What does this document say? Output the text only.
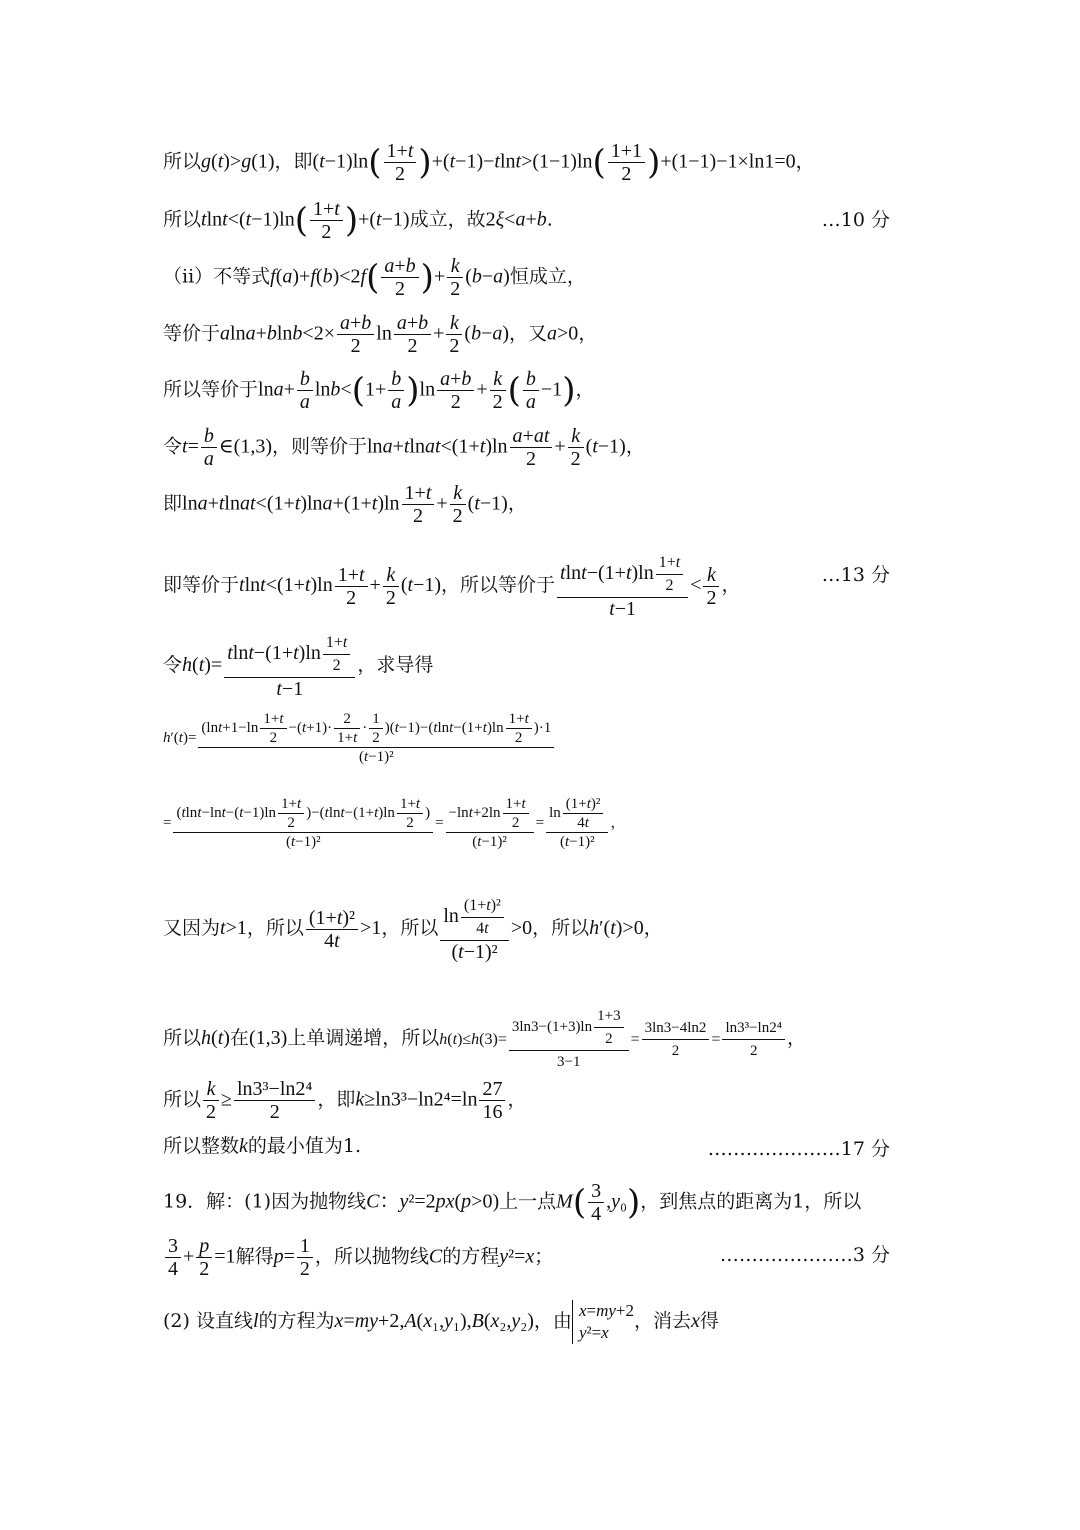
所以g(t)>g(1)，即$(t-1)\ln( \frac{1+t}{2} )+(t-1)-tlnt>(1-1)\ln( \frac{1+1}{2} )+(1-1)-1\times\ln 1=0$，
所以$tlnt<(t-1)\ln( \frac{1+t}{2} )+(t-1)$成立，故2ξ<a+b.	…10 分
（ii）不等式$f(a)+f(b)<2f( \frac{a+b}{2}$ )+ $\frac{k}{2} (b-a)$恒成立，
等价于$alna+blnb<2\times \frac{a+b}{2}$ $\ln \frac{a+b}{2} + \frac{k}{2} (b-a)$，又a>0，
所以等价于$\ln a+ \frac{b}{a} \ln b<(1+ \frac{b}{a} )\ln \frac{a+b}{2} + \frac{k}{2}$ ( $\frac{b}{a} -1$)，
令$t= \frac{b}{a}$ ∈(1,3)，则等价于lna+tlnat<(1+t)ln $\frac{a+at}{2} + \frac{k}{2} (t-1)$，
即lna+tlnat<(1+t)lna+(1+t)ln $\frac{1+t}{2} + \frac{k}{2} (t-1)$，
即等价于$tlnt<(1+t)\ln \frac{1+t}{2} + \frac{k}{2} (t-1)$，所以等价于 $\frac{tlnt-(1+t)\ln \frac{1+t}{2}}{t-1} < \frac{k}{2}$ ，	…13 分
令$h(t)= \frac{tlnt-(1+t)\ln \frac{1+t}{2}}{t-1}$ ，求导得
$h'(t)= \frac{(\ln t+1-\ln \frac{1+t}{2} -(t+1)\cdot \frac{2}{1+t} \cdot \frac{1}{2} )(t-1)-(tlnt-(1+t)\ln \frac{1+t}{2} )\cdot 1}{\text{(t−1)²}}$
= $\frac{(tlnt-\ln t-(t-1)\ln \frac{1+t}{2} )-(tlnt-(1+t)\ln \frac{1+t}{2} )}{\text{(t−1)²}} = \frac{-\ln t+2\ln \frac{1+t}{2}}{\text{(t−1)²}} = \frac{\ln \frac{\text{(1+t)²}}{4t}}{\text{(t−1)²}}$ ，
又因为t>1，所以 $\frac{\text{(1+t)²}}{4t} >1$，所以 $\frac{\ln \frac{\text{(1+t)²}}{4t}}{\text{(t−1)²}} >0$，所以h′(t)>0，
所以h(t)在(1,3)上单调递增，所以$h(t)\le h(3)= \frac{3\ln 3-(1+3)\ln \frac{1+3}{2}}{3-1} = \frac{3\ln 3-4\ln 2}{2} = \frac{\text{ln3³−ln2⁴}}{2}$ ，
所以 $\frac{k}{2} \ge \frac{\text{ln3³−ln2⁴}}{2}$ ，即$k\ge\ln 3^3-\ln 2^4=\ln \frac{27}{16}$ ，
所以整数k的最小值为1.	…………………17 分
19．解：(1)因为抛物线C：y²=2px(p>0)上一点$M( \frac{3}{4} ,y_0)$，到焦点的距离为1，所以
$\frac{3}{4} + \frac{p}{2} =1$解得$p= \frac{1}{2}$ ，所以抛物线C的方程y²=x；	…………………3 分
(2) 设直线l的方程为x=my+2,A(x₁,y₁),B(x₂,y₂)，由 x=my+2
y²=x
，消去x得
